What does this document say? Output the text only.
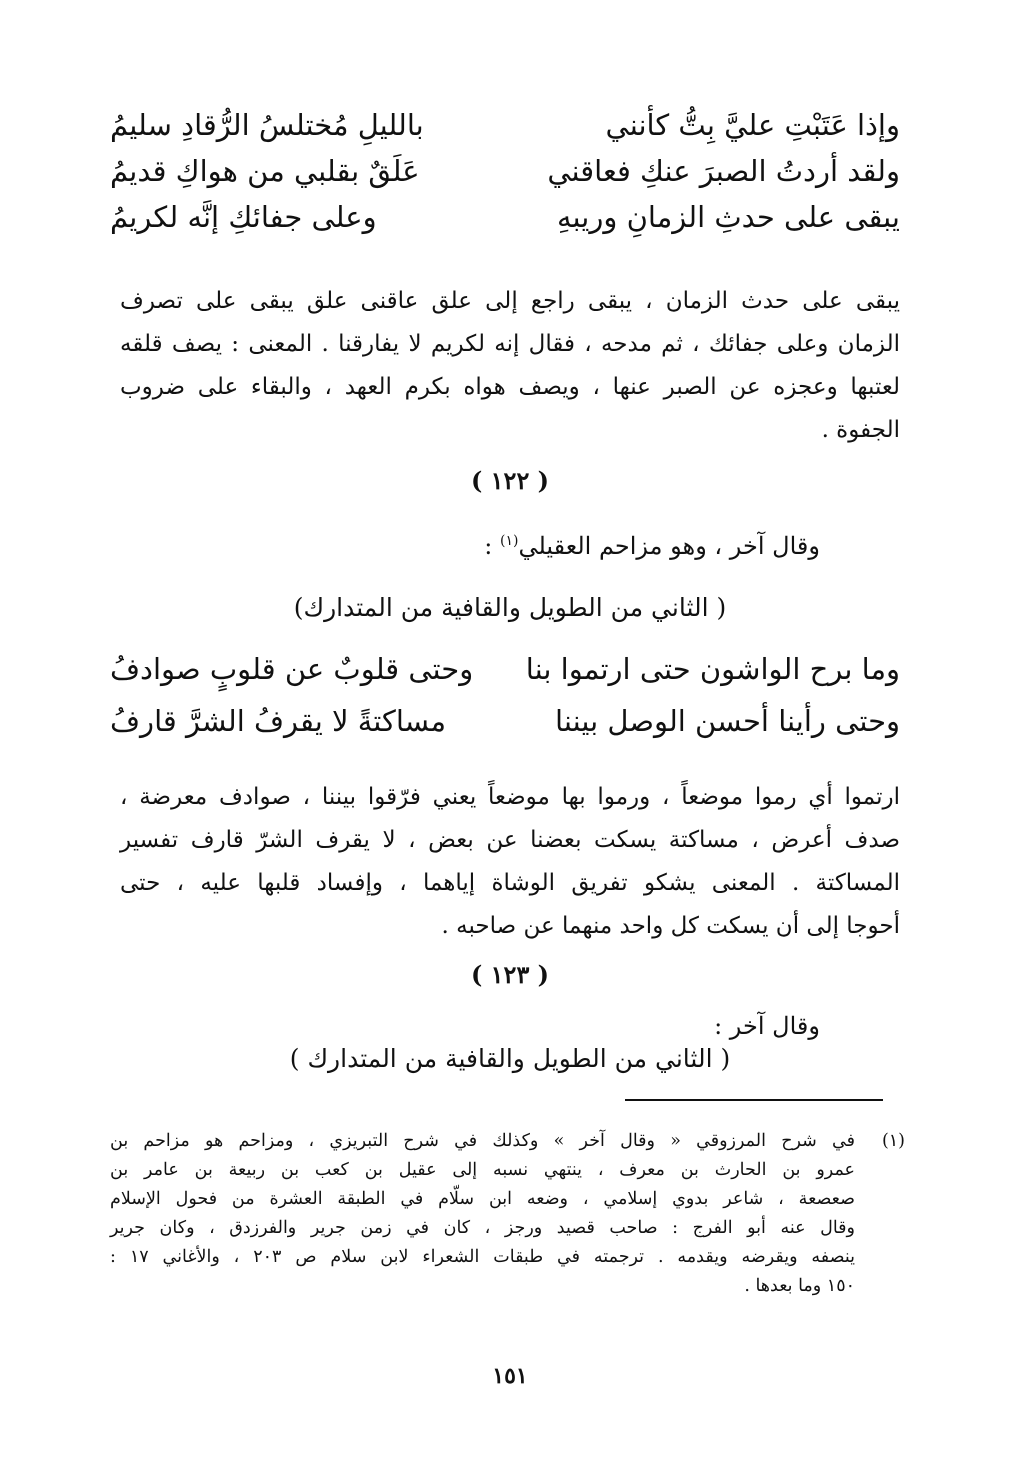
وإذا عَتَبْتِ عليَّ بِتُّ كأنني
بالليلِ مُختلسُ الرُّقادِ سليمُ
ولقد أردتُ الصبرَ عنكِ فعاقني
عَلَقٌ بقلبي من هواكِ قديمُ
يبقى على حدثِ الزمانِ وريبهِ
وعلى جفائكِ إنَّه لكريمُ
يبقى على حدث الزمان ، يبقى راجع إلى علق عاقنى علق يبقى على تصرف
الزمان وعلى جفائك ، ثم مدحه ، فقال إنه لكريم لا يفارقنا . المعنى : يصف قلقه
لعتبها وعجزه عن الصبر عنها ، ويصف هواه بكرم العهد ، والبقاء على ضروب
الجفوة .
( ١٢٢ )
وقال آخر ، وهو مزاحم العقيلي$^{(١)}$ :
( الثاني من الطويل والقافية من المتدارك)
وما برح الواشون حتى ارتموا بنا
وحتى قلوبٌ عن قلوبٍ صوادفُ
وحتى رأينا أحسن الوصل بيننا
مساكتةً لا يقرفُ الشرَّ قارفُ
ارتموا أي رموا موضعاً ، ورموا بها موضعاً يعني فرّقوا بيننا ، صوادف معرضة ،
صدف أعرض ، مساكتة يسكت بعضنا عن بعض ، لا يقرف الشرّ قارف تفسير
المساكتة . المعنى يشكو تفريق الوشاة إياهما ، وإفساد قلبها عليه ، حتى
أحوجا إلى أن يسكت كل واحد منهما عن صاحبه .
( ١٢٣ )
وقال آخر :
( الثاني من الطويل والقافية من المتدارك )
(١)
في شرح المرزوقي « وقال آخر » وكذلك في شرح التبريزي ، ومزاحم هو مزاحم بن
عمرو بن الحارث بن معرف ، ينتهي نسبه إلى عقيل بن كعب بن ربيعة بن عامر بن
صعصعة ، شاعر بدوي إسلامي ، وضعه ابن سلّام في الطبقة العشرة من فحول الإسلام
وقال عنه أبو الفرج : صاحب قصيد ورجز ، كان في زمن جرير والفرزدق ، وكان جرير
ينصفه ويقرضه ويقدمه . ترجمته في طبقات الشعراء لابن سلام ص ٢٠٣ ، والأغاني ١٧ :
١٥٠ وما بعدها .
١٥١
